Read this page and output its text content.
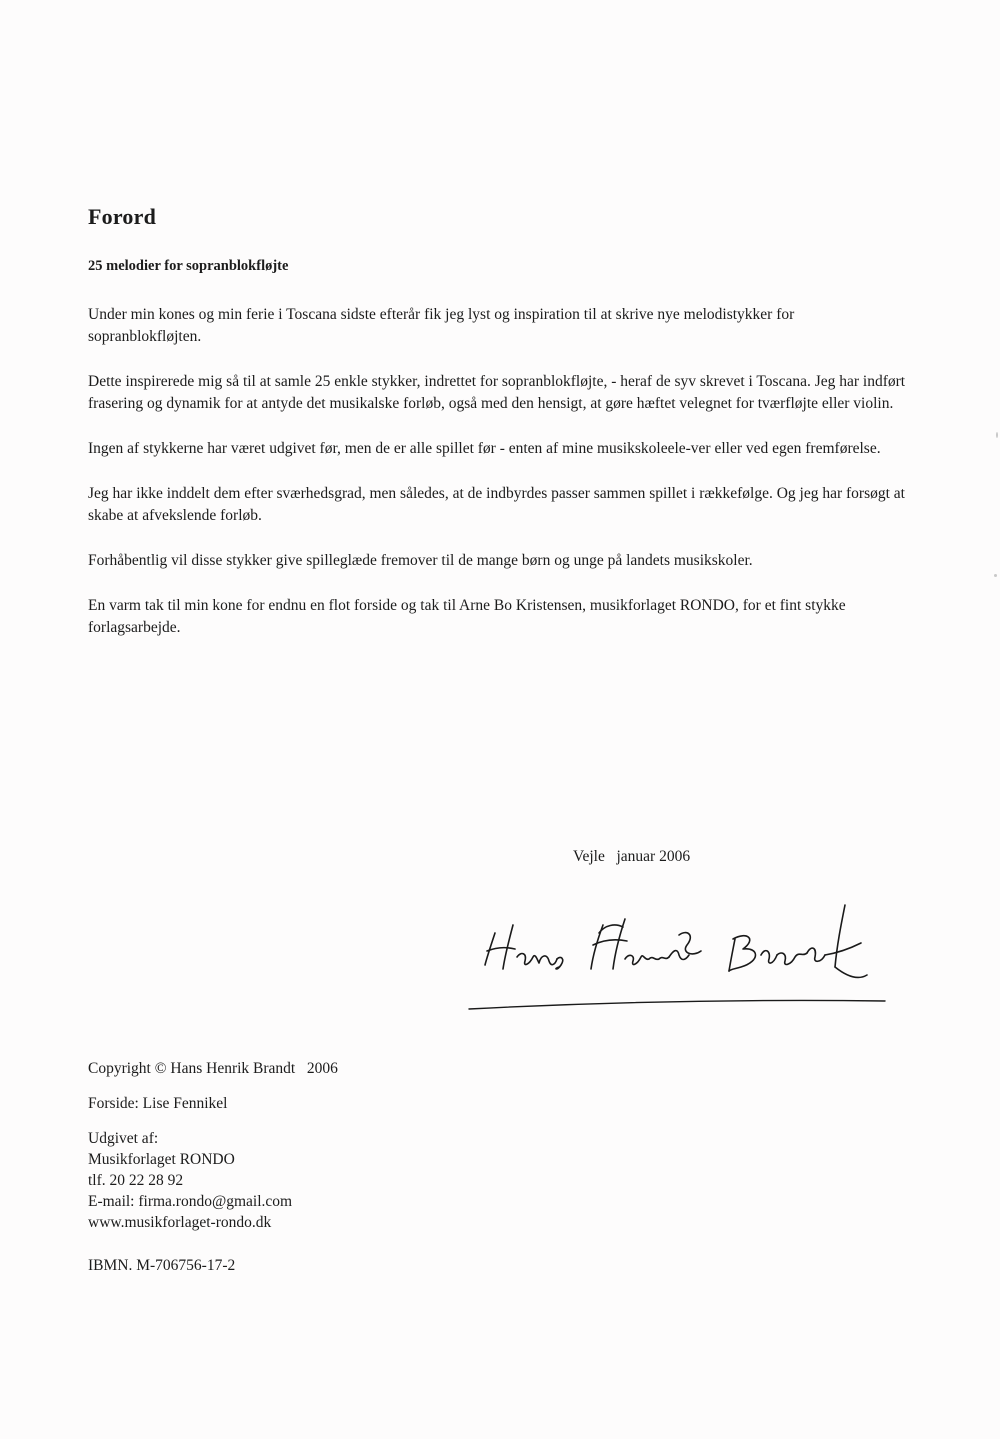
Forord
25 melodier for sopranblokfløjte

Under min kones og min ferie i Toscana sidste efterår fik jeg lyst og inspiration til at skrive nye melodistykker for sopranblokfløjten.

Dette inspirerede mig så til at samle 25 enkle stykker, indrettet for sopranblokfløjte, - heraf de syv skrevet i Toscana. Jeg har indført frasering og dynamik for at antyde det musikalske forløb, også med den hensigt, at gøre hæftet velegnet for tværfløjte eller violin.

Ingen af stykkerne har været udgivet før, men de er alle spillet før - enten af mine musikskoleele-ver eller ved egen fremførelse.

Jeg har ikke inddelt dem efter sværhedsgrad, men således, at de indbyrdes passer sammen spillet i rækkefølge. Og jeg har forsøgt at skabe at afvekslende forløb.

Forhåbentlig vil disse stykker give spilleglæde fremover til de mange børn og unge på landets musikskoler.

En varm tak til min kone for endnu en flot forside og tak til Arne Bo Kristensen, musikforlaget RONDO, for et fint stykke forlagsarbejde.

Vejle   januar 2006
Copyright © Hans Henrik Brandt   2006
Forside: Lise Fennikel
Udgivet af:
Musikforlaget RONDO
tlf. 20 22 28 92
E-mail: firma.rondo@gmail.com
www.musikforlaget-rondo.dk
IBMN. M-706756-17-2
